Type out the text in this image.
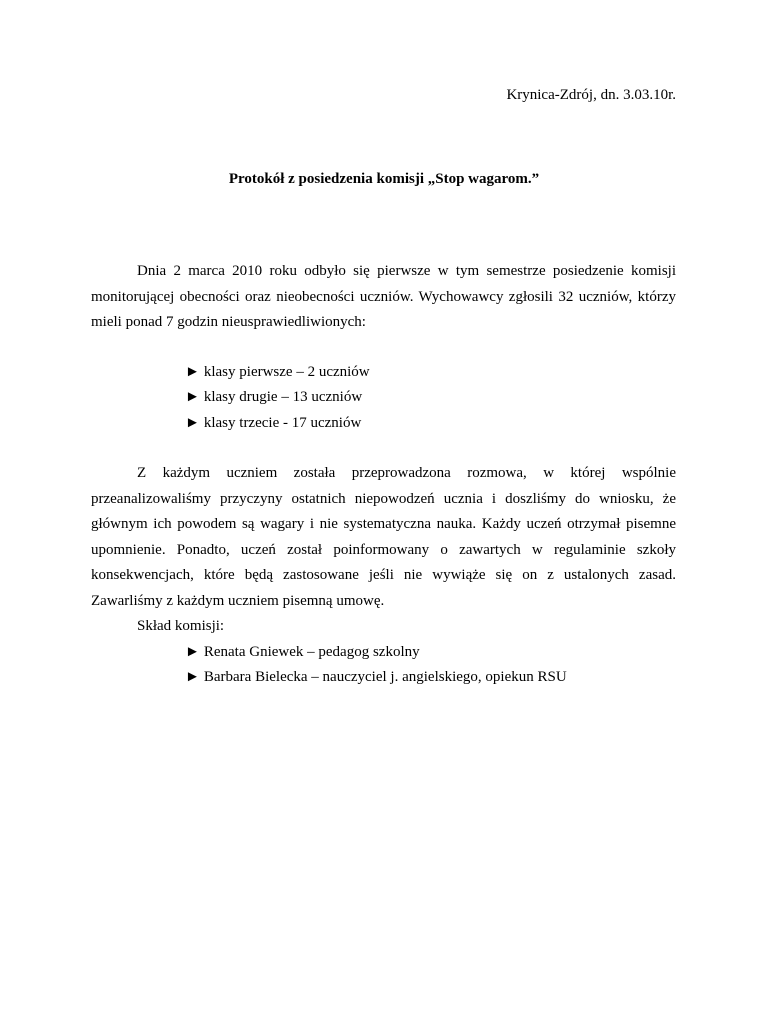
Krynica-Zdrój, dn. 3.03.10r.
Protokół z posiedzenia komisji „Stop wagarom.”

Dnia 2 marca 2010 roku odbyło się pierwsze w tym semestrze posiedzenie komisji monitorującej obecności oraz nieobecności uczniów. Wychowawcy zgłosili 32 uczniów, którzy mieli ponad 7 godzin nieusprawiedliwionych:

► klasy pierwsze – 2 uczniów
► klasy drugie – 13 uczniów
► klasy trzecie - 17 uczniów

Z każdym uczniem została przeprowadzona rozmowa, w której wspólnie przeanalizowaliśmy przyczyny ostatnich niepowodzeń ucznia i doszliśmy do wniosku, że głównym ich powodem są wagary i nie systematyczna nauka. Każdy uczeń otrzymał pisemne upomnienie. Ponadto, uczeń został poinformowany o zawartych w regulaminie szkoły konsekwencjach, które będą zastosowane jeśli nie wywiąże się on z ustalonych zasad. Zawarliśmy z każdym uczniem pisemną umowę.

Skład komisji:

► Renata Gniewek – pedagog szkolny
► Barbara Bielecka – nauczyciel j. angielskiego, opiekun RSU
